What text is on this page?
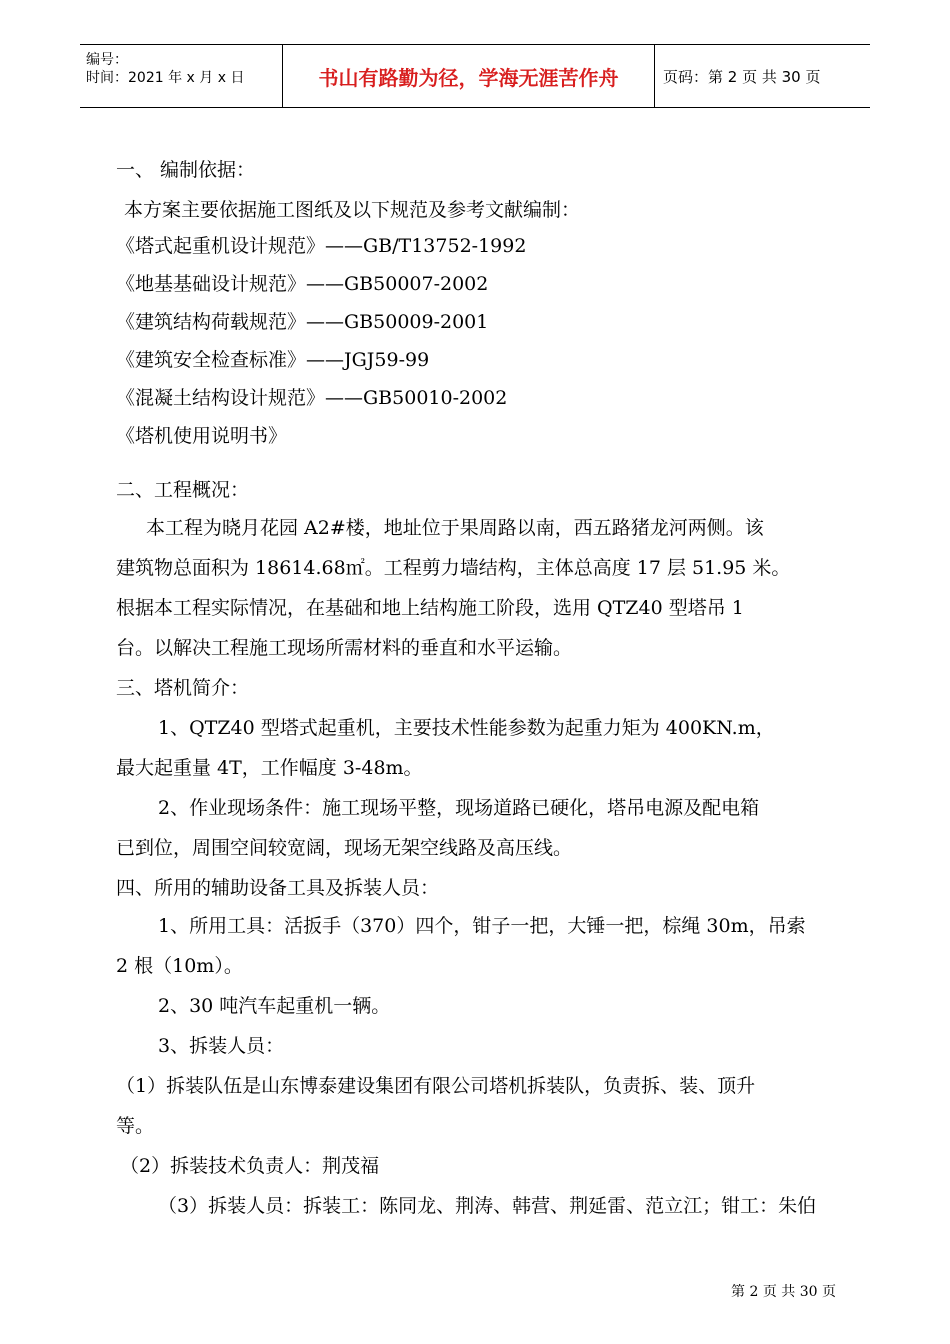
编号：
时间：2021 年 x 月 x 日	书山有路勤为径，学海无涯苦作舟	页码：第 2 页 共 30 页
一、 编制依据：
本方案主要依据施工图纸及以下规范及参考文献编制：
《塔式起重机设计规范》——GB/T13752-1992
《地基基础设计规范》——GB50007-2002
《建筑结构荷载规范》——GB50009-2001
《建筑安全检查标准》——JGJ59-99
《混凝土结构设计规范》——GB50010-2002
《塔机使用说明书》
二、工程概况：
本工程为晓月花园 A2#楼，地址位于果周路以南，西五路猪龙河两侧。该
建筑物总面积为 18614.68㎡。工程剪力墙结构，主体总高度 17 层 51.95 米。
根据本工程实际情况，在基础和地上结构施工阶段，选用 QTZ40 型塔吊 1
台。以解决工程施工现场所需材料的垂直和水平运输。
三、塔机简介：
1、QTZ40 型塔式起重机，主要技术性能参数为起重力矩为 400KN.m，
最大起重量 4T，工作幅度 3-48m。
2、作业现场条件：施工现场平整，现场道路已硬化，塔吊电源及配电箱
已到位，周围空间较宽阔，现场无架空线路及高压线。
四、所用的辅助设备工具及拆装人员：
1、所用工具：活扳手（370）四个，钳子一把，大锤一把，棕绳 30m，吊索
2 根（10m）。
2、30 吨汽车起重机一辆。
3、拆装人员：
（1）拆装队伍是山东博泰建设集团有限公司塔机拆装队，负责拆、装、顶升
等。
（2）拆装技术负责人：荆茂福
（3）拆装人员：拆装工：陈同龙、荆涛、韩营、荆延雷、范立江；钳工：朱伯
第 2 页 共 30 页
